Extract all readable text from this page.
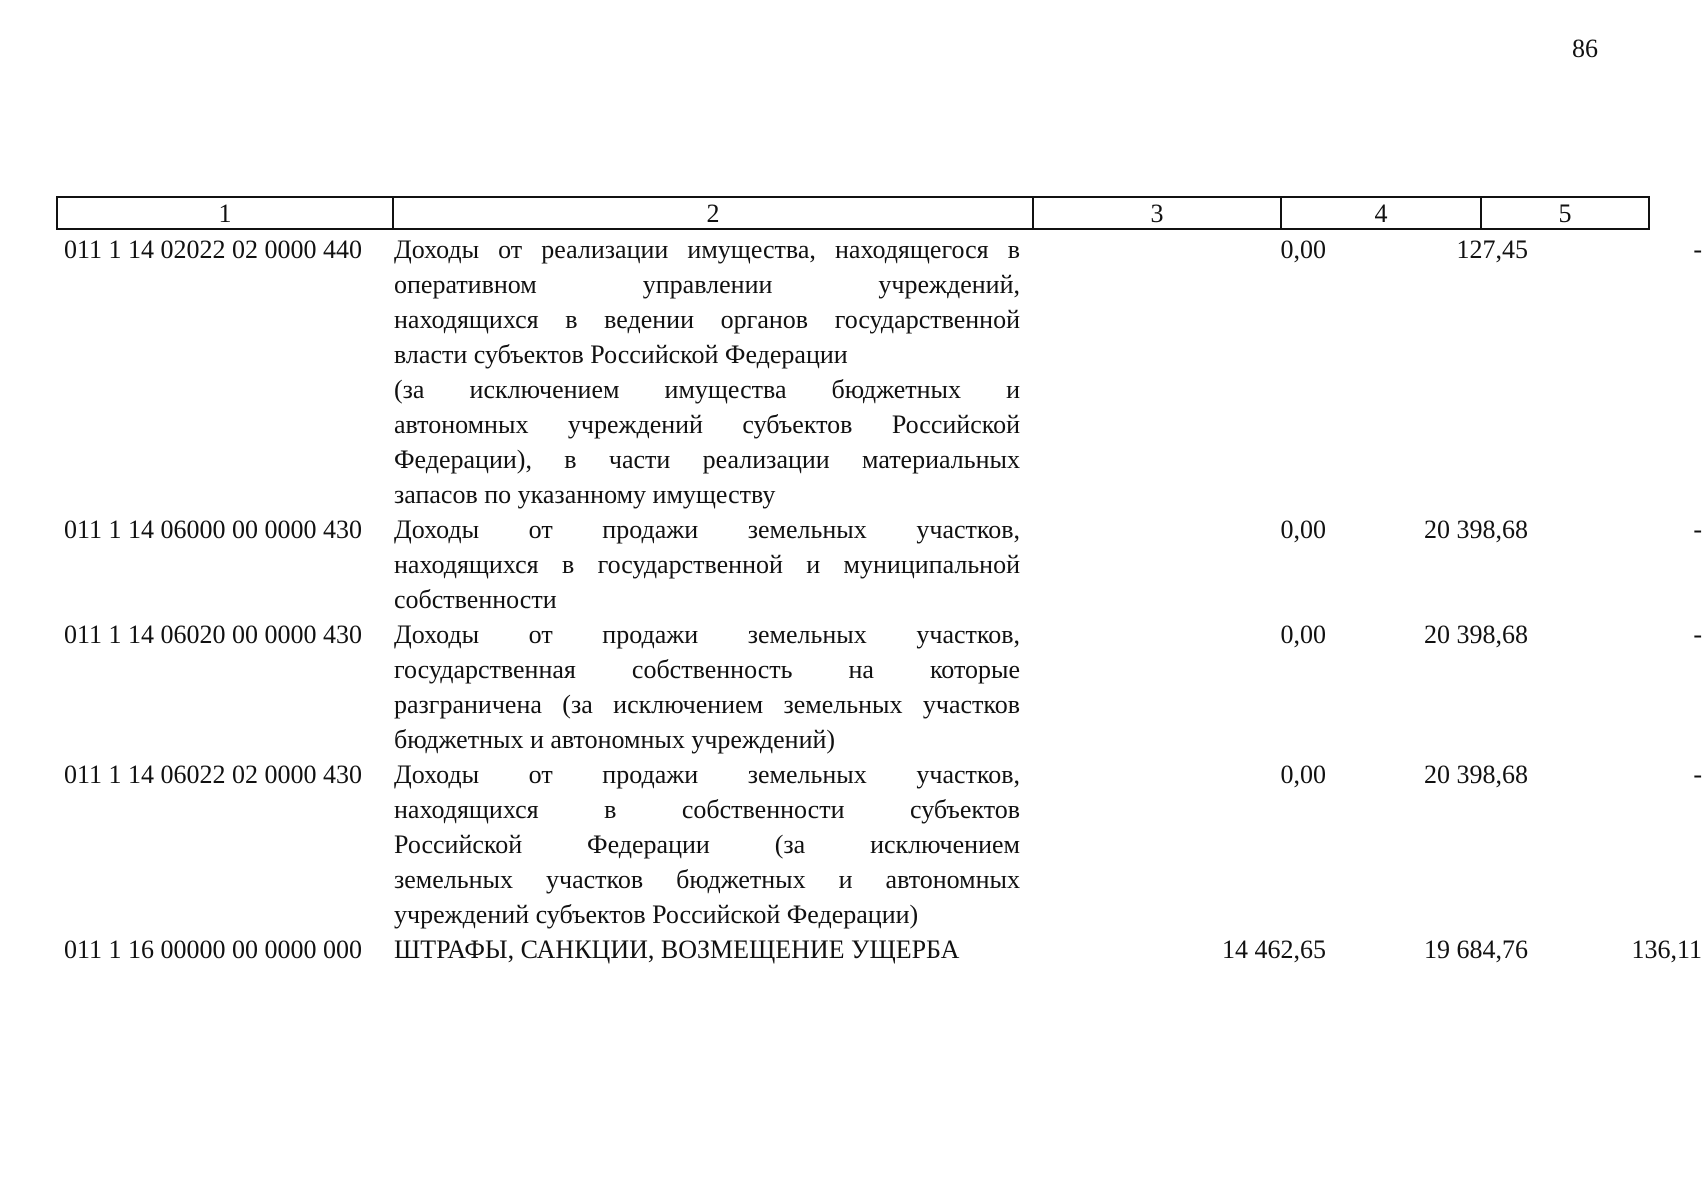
86
1	2	3	4	5
011 1 14 02022 02 0000 440	Доходы от реализации имущества, находящегося в
оперативном управлении учреждений,
находящихся в ведении органов государственной
власти субъектов Российской Федерации
(за исключением имущества бюджетных и
автономных учреждений субъектов Российской
Федерации), в части реализации материальных
запасов по указанному имуществу
0,00	127,45	-
011 1 14 06000 00 0000 430	Доходы от продажи земельных участков,
находящихся в государственной и муниципальной
собственности
0,00	20 398,68	-
011 1 14 06020 00 0000 430	Доходы от продажи земельных участков,
государственная собственность на которые
разграничена (за исключением земельных участков
бюджетных и автономных учреждений)
0,00	20 398,68	-
011 1 14 06022 02 0000 430	Доходы от продажи земельных участков,
находящихся в собственности субъектов
Российской Федерации (за исключением
земельных участков бюджетных и автономных
учреждений субъектов Российской Федерации)
0,00	20 398,68	-
011 1 16 00000 00 0000 000	ШТРАФЫ, САНКЦИИ, ВОЗМЕЩЕНИЕ УЩЕРБА	14 462,65	19 684,76	136,11
